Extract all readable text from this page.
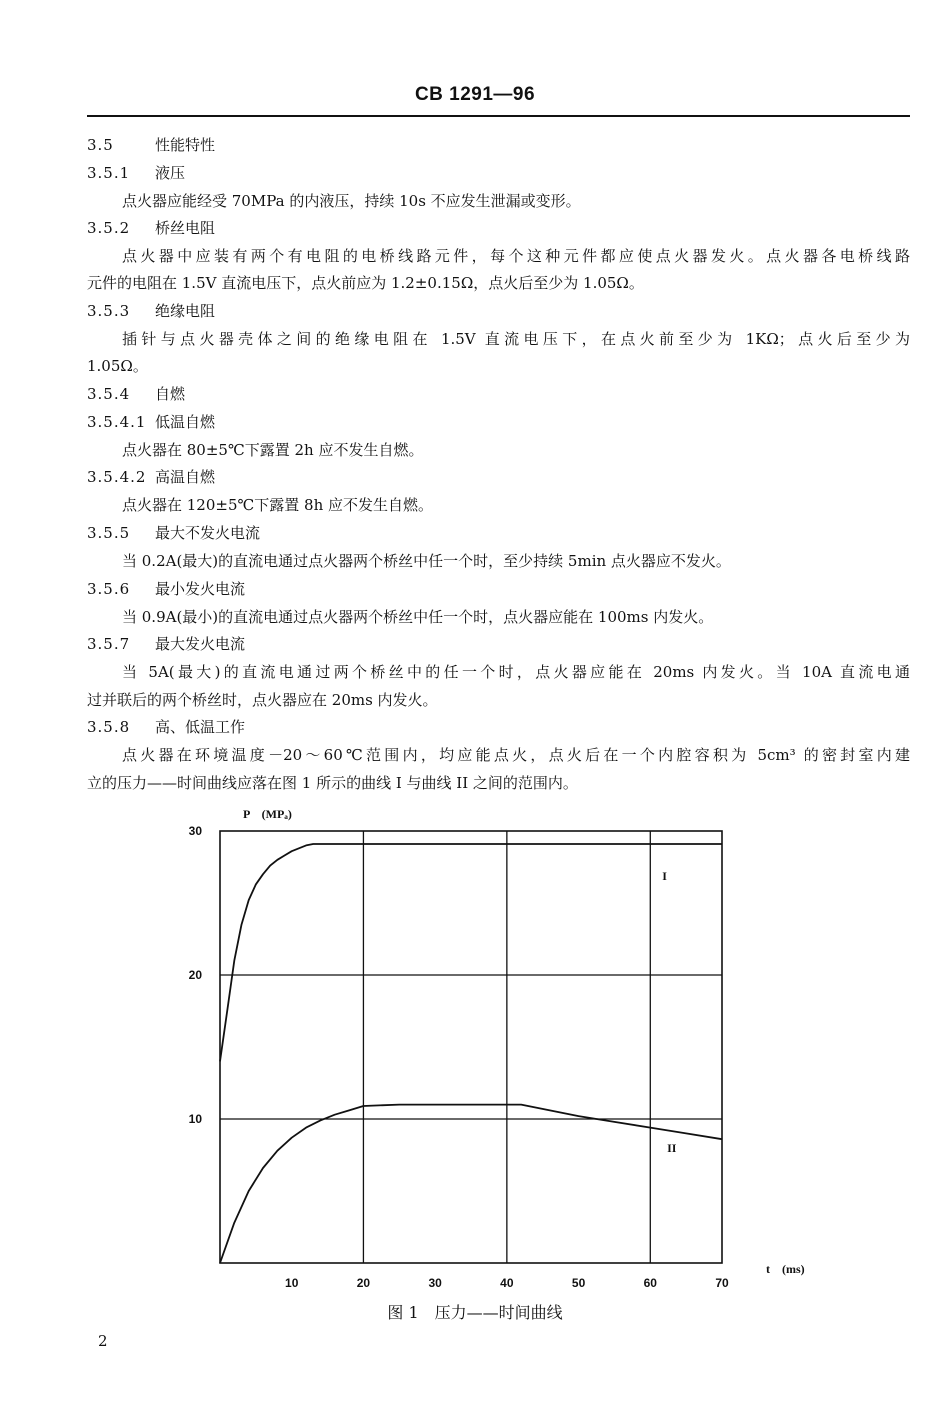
CB 1291—96
3.5	性能特性
3.5.1 液压
点火器应能经受 70MPa 的内液压，持续 10s 不应发生泄漏或变形。
3.5.2 桥丝电阻
点火器中应装有两个有电阻的电桥线路元件，每个这种元件都应使点火器发火。点火器各电桥线路
元件的电阻在 1.5V 直流电压下，点火前应为 1.2±0.15Ω，点火后至少为 1.05Ω。
3.5.3 绝缘电阻
插针与点火器壳体之间的绝缘电阻在 1.5V 直流电压下，在点火前至少为 1KΩ；点火后至少为
1.05Ω。
3.5.4 自燃
3.5.4.1 低温自燃
点火器在 80±5℃下露置 2h 应不发生自燃。
3.5.4.2 高温自燃
点火器在 120±5℃下露置 8h 应不发生自燃。
3.5.5 最大不发火电流
当 0.2A(最大)的直流电通过点火器两个桥丝中任一个时，至少持续 5min 点火器应不发火。
3.5.6 最小发火电流
当 0.9A(最小)的直流电通过点火器两个桥丝中任一个时，点火器应能在 100ms 内发火。
3.5.7 最大发火电流
当 5A(最大)的直流电通过两个桥丝中的任一个时，点火器应能在 20ms 内发火。当 10A 直流电通
过并联后的两个桥丝时，点火器应在 20ms 内发火。
3.5.8 高、低温工作
点火器在环境温度－20～60℃范围内，均应能点火，点火后在一个内腔容积为 5cm³ 的密封室内建
立的压力——时间曲线应落在图 1 所示的曲线 I 与曲线 II 之间的范围内。
10	20	30	40	50	60	70
10
20
30
P　(MPₐ)
t　(ms)
I
II
图 1　压力——时间曲线
2
